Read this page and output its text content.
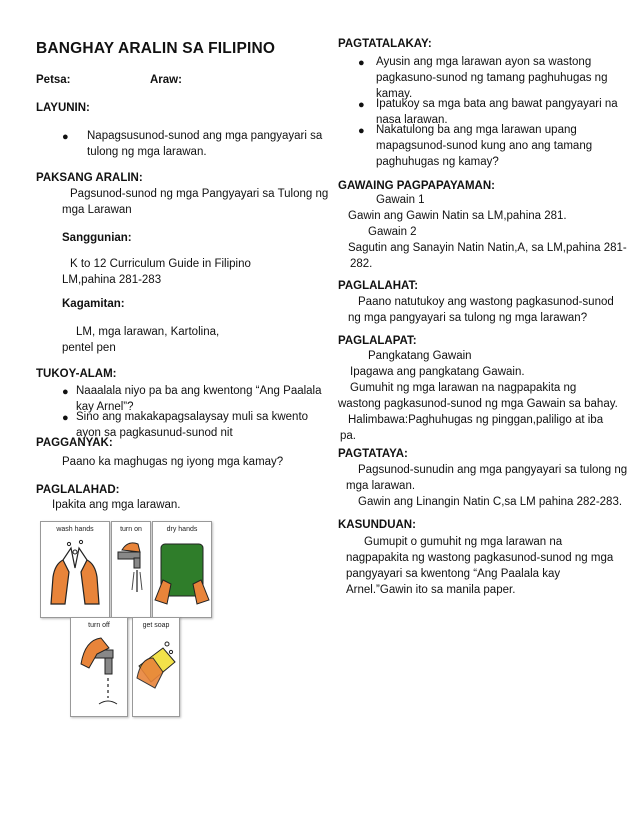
BANGHAY ARALIN SA FILIPINO
Petsa:	Araw:
LAYUNIN:
● Napagsusunod-sunod ang mga pangyayari sa
tulong ng mga larawan.
PAKSANG ARALIN:
Pagsunod-sunod ng mga Pangyayari sa Tulong ng
mga Larawan
Sanggunian:
K to 12 Curriculum Guide in Filipino
LM,pahina 281-283
Kagamitan:
LM, mga larawan, Kartolina,
pentel pen
TUKOY-ALAM:
● Naaalala niyo pa ba ang kwentong “Ang Paalala
kay Arnel”?
● Sino ang makakapagsalaysay muli sa kwento
ayon sa pagkasunud-sunod nit
PAGGANYAK:
Paano ka maghugas ng iyong mga kamay?
PAGLALAHAD:
Ipakita ang mga larawan.
wash hands	turn on	dry hands
turn off	get soap
PAGTATALAKAY:
● Ayusin ang mga larawan ayon sa wastong
pagkasuno-sunod ng tamang paghuhugas ng
kamay.
● Ipatukoy sa mga bata ang bawat pangyayari na
nasa larawan.
● Nakatulong ba ang mga larawan upang
mapagsunod-sunod kung ano ang tamang
paghuhugas ng kamay?
GAWAING PAGPAPAYAMAN:
Gawain 1
Gawin ang Gawin Natin sa LM,pahina 281.
Gawain 2
Sagutin ang Sanayin Natin Natin,A, sa LM,pahina 281-
282.
PAGLALAHAT:
Paano natutukoy ang wastong pagkasunod-sunod
ng mga pangyayari sa tulong ng mga larawan?
PAGLALAPAT:
Pangkatang Gawain
Ipagawa ang pangkatang Gawain.
Gumuhit ng mga larawan na nagpapakita ng
wastong pagkasunod-sunod ng mga Gawain sa bahay.
Halimbawa:Paghuhugas ng pinggan,paliligo at iba
pa.
PAGTATAYA:
Pagsunod-sunudin ang mga pangyayari sa tulong ng
mga larawan.
Gawin ang Linangin Natin C,sa LM pahina 282-283.
KASUNDUAN:
Gumupit o gumuhit ng mga larawan na
nagpapakita ng wastong pagkasunod-sunod ng mga
pangyayari sa kwentong “Ang Paalala kay
Arnel.”Gawin ito sa manila paper.
